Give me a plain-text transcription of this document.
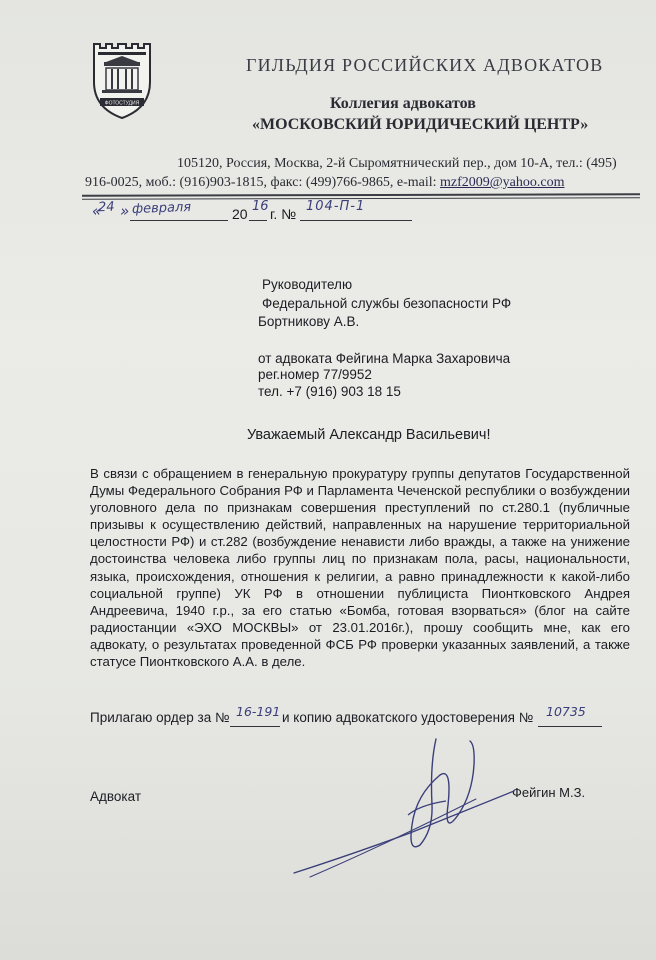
ФОТОСТУДИЯ
ГИЛЬДИЯ РОССИЙСКИХ АДВОКАТОВ
Коллегия адвокатов
«МОСКОВСКИЙ ЮРИДИЧЕСКИЙ ЦЕНТР»
105120, Россия, Москва, 2-й Сыромятнический пер., дом 10-А, тел.: (495)
916-0025, моб.: (916)903-1815, факс: (499)766-9865, e-mail: mzf2009@yahoo.com
«
24 » февраля	20 16 г. № 104-П-1
Руководителю
Федеральной службы безопасности РФ
Бортникову А.В.
от адвоката Фейгина Марка Захаровича
рег.номер 77/9952
тел. +7 (916) 903 18 15
Уважаемый Александр Васильевич!
В связи с обращением в генеральную прокуратуру группы депутатов Государственной Думы Федерального Собрания РФ и Парламента Чеченской республики о возбуждении уголовного дела по признакам совершения преступлений по ст.280.1 (публичные призывы к осуществлению действий, направленных на нарушение территориальной целостности РФ) и ст.282 (возбуждение ненависти либо вражды, а также на унижение достоинства человека либо группы лиц по признакам пола, расы, национальности, языка, происхождения, отношения к религии, а равно принадлежности к какой-либо социальной группе) УК РФ в отношении публициста Пионтковского Андрея Андреевича, 1940 г.р., за его статью «Бомба, готовая взорваться» (блог на сайте радиостанции «ЭХО МОСКВЫ» от 23.01.2016г.), прошу сообщить мне, как его адвокату, о результатах проведенной ФСБ РФ проверки указанных заявлений, а также статусе Пионтковского А.А. в деле.
Прилагаю ордер за № 16-191 и копию адвокатского удостоверения № 10735
Адвокат	Фейгин М.З.
